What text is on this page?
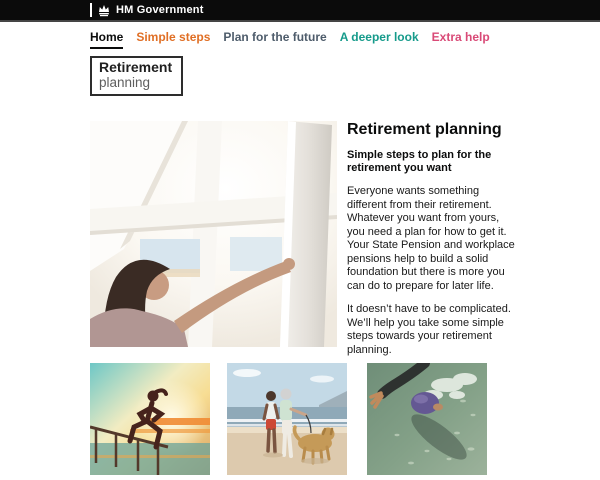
HM Government
Home Simple steps Plan for the future A deeper look Extra help
Retirement
planning
Retirement planning
Simple steps to plan for the retirement you want

Everyone wants something different from their retirement. Whatever you want from yours, you need a plan for how to get it. Your State Pension and workplace pensions help to build a solid foundation but there is more you can do to prepare for later life.

It doesn’t have to be complicated. We’ll help you take some simple steps towards your retirement planning.
